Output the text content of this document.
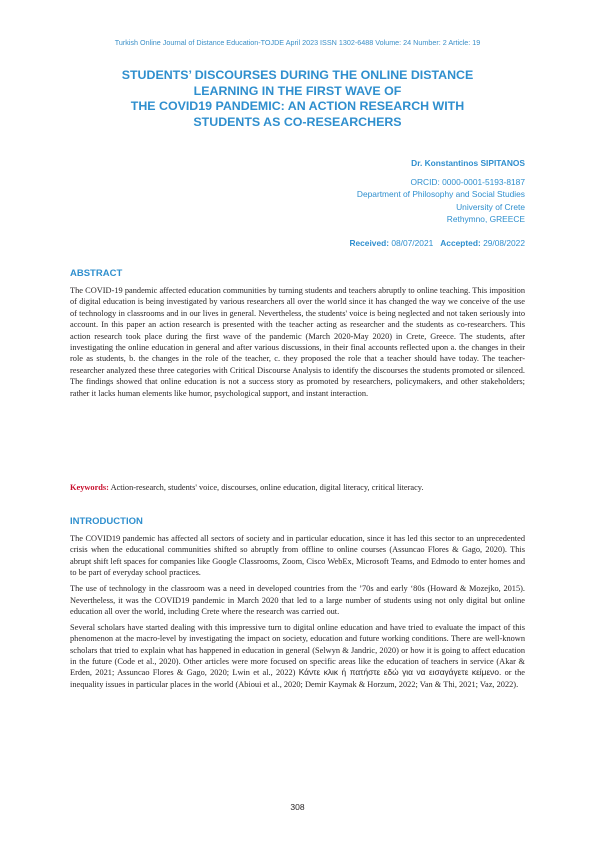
Turkish Online Journal of Distance Education-TOJDE April 2023 ISSN 1302-6488 Volume: 24 Number: 2 Article: 19
STUDENTS’ DISCOURSES DURING THE ONLINE DISTANCE
LEARNING IN THE FIRST WAVE OF
THE COVID19 PANDEMIC: AN ACTION RESEARCH WITH
STUDENTS AS CO-RESEARCHERS
Dr. Konstantinos SIPITANOS
ORCID: 0000-0001-5193-8187
Department of Philosophy and Social Studies
University of Crete
Rethymno, GREECE
Received: 08/07/2021 Accepted: 29/08/2022
ABSTRACT

The COVID-19 pandemic affected education communities by turning students and teachers abruptly to online teaching. This imposition of digital education is being investigated by various researchers all over the world since it has changed the way we conceive of the use of technology in classrooms and in our lives in general. Nevertheless, the students' voice is being neglected and not taken seriously into account. In this paper an action research is presented with the teacher acting as researcher and the students as co-researchers. This action research took place during the first wave of the pandemic (March 2020-May 2020) in Crete, Greece. The students, after investigating the online education in general and after various discussions, in their final accounts reflected upon a. the changes in their role as students, b. the changes in the role of the teacher, c. they proposed the role that a teacher should have today. The teacher-researcher analyzed these three categories with Critical Discourse Analysis to identify the discourses the students promoted or silenced. The findings showed that online education is not a success story as promoted by researchers, policymakers, and other stakeholders; rather it lacks human elements like humor, psychological support, and instant interaction.

Keywords: Action-research, students' voice, discourses, online education, digital literacy, critical literacy.
INTRODUCTION

The COVID19 pandemic has affected all sectors of society and in particular education, since it has led this sector to an unprecedented crisis when the educational communities shifted so abruptly from offline to online courses (Assuncao Flores & Gago, 2020). This abrupt shift left spaces for companies like Google Classrooms, Zoom, Cisco WebEx, Microsoft Teams, and Edmodo to enter homes and to be part of everyday school practices.

The use of technology in the classroom was a need in developed countries from the ’70s and early ‘80s (Howard & Mozejko, 2015). Nevertheless, it was the COVID19 pandemic in March 2020 that led to a large number of students using not only digital but online education all over the world, including Crete where the research was carried out.

Several scholars have started dealing with this impressive turn to digital online education and have tried to evaluate the impact of this phenomenon at the macro-level by investigating the impact on society, education and future working conditions. There are well-known scholars that tried to explain what has happened in education in general (Selwyn & Jandric, 2020) or how it is going to affect education in the future (Code et al., 2020). Other articles were more focused on specific areas like the education of teachers in service (Akar & Erden, 2021; Assuncao Flores & Gago, 2020; Lwin et al., 2022) Κάντε κλικ ή πατήστε εδώ για να εισαγάγετε κείμενο. or the inequality issues in particular places in the world (Abioui et al., 2020; Demir Kaymak & Horzum, 2022; Van & Thi, 2021; Vaz, 2022).

308
